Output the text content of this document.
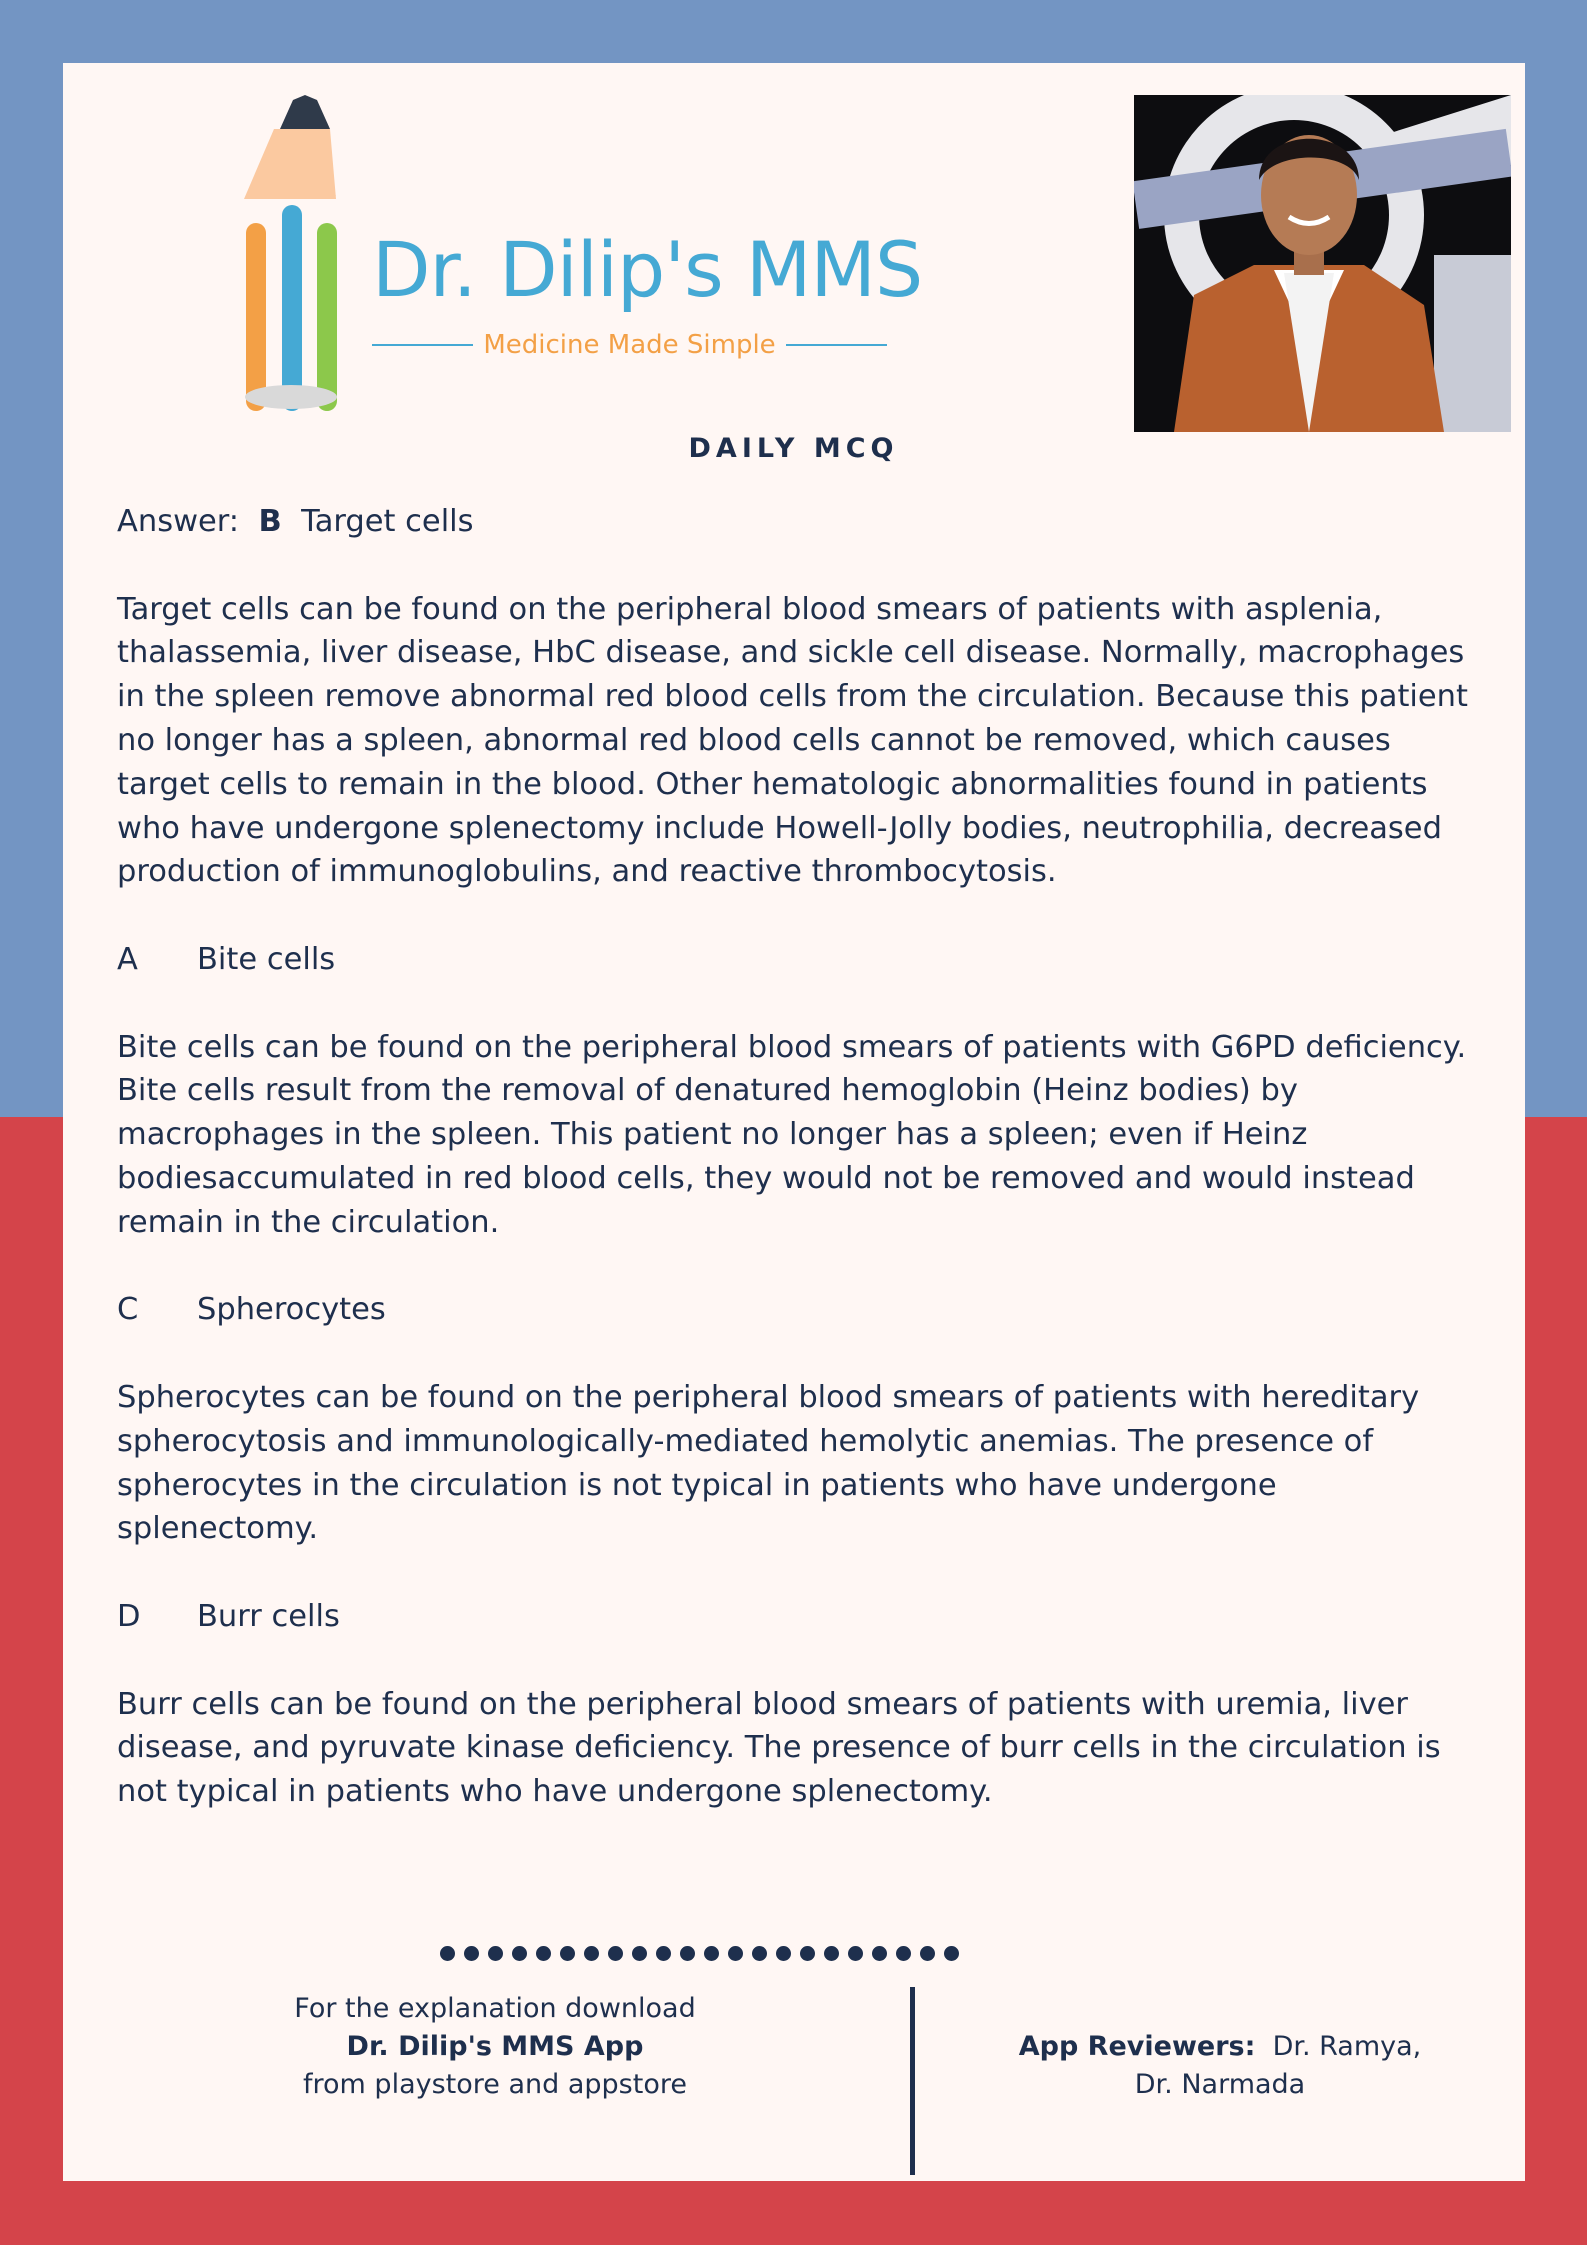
Dr. Dilip's MMS
Medicine Made Simple
DAILY MCQ

Answer: B Target cells

Target cells can be found on the peripheral blood smears of patients with asplenia, thalassemia, liver disease, HbC disease, and sickle cell disease. Normally, macrophages in the spleen remove abnormal red blood cells from the circulation. Because this patient no longer has a spleen, abnormal red blood cells cannot be removed, which causes target cells to remain in the blood. Other hematologic abnormalities found in patients who have undergone splenectomy include Howell-Jolly bodies, neutrophilia, decreased production of immunoglobulins, and reactive thrombocytosis.

A Bite cells

Bite cells can be found on the peripheral blood smears of patients with G6PD deficiency. Bite cells result from the removal of denatured hemoglobin (Heinz bodies) by macrophages in the spleen. This patient no longer has a spleen; even if Heinz bodiesaccumulated in red blood cells, they would not be removed and would instead remain in the circulation.

C Spherocytes

Spherocytes can be found on the peripheral blood smears of patients with hereditary spherocytosis and immunologically-mediated hemolytic anemias. The presence of spherocytes in the circulation is not typical in patients who have undergone splenectomy.

D Burr cells

Burr cells can be found on the peripheral blood smears of patients with uremia, liver disease, and pyruvate kinase deficiency. The presence of burr cells in the circulation is not typical in patients who have undergone splenectomy.

For the explanation download
Dr. Dilip's MMS App
from playstore and appstore
App Reviewers: Dr. Ramya,
Dr. Narmada
